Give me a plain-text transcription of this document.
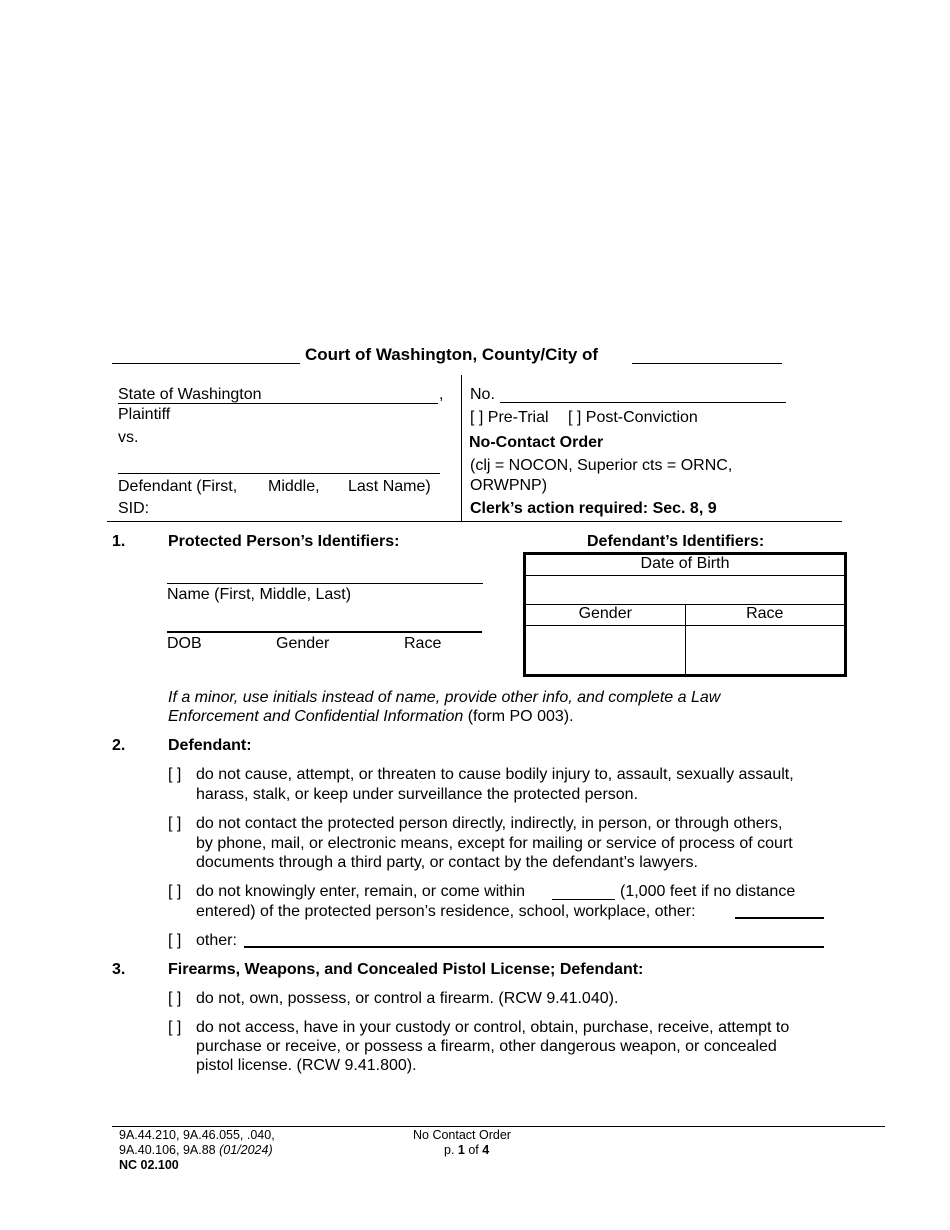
Court of Washington, County/City of
State of Washington	,
Plaintiff
vs.
Defendant (First, Middle, Last Name)
SID:
No.
[ ] Pre-Trial [ ] Post-Conviction
No-Contact Order
(clj = NOCON, Superior cts = ORNC,
ORWPNP)
Clerk’s action required: Sec. 8, 9
1.	Protected Person’s Identifiers:
Name (First, Middle, Last)
DOB	Gender	Race
Defendant’s Identifiers:
Date of Birth	

Gender	Race

If a minor, use initials instead of name, provide other info, and complete a Law
Enforcement and Confidential Information (form PO 003).
2.	Defendant:
[ ] do not cause, attempt, or threaten to cause bodily injury to, assault, sexually assault,
harass, stalk, or keep under surveillance the protected person.
[ ] do not contact the protected person directly, indirectly, in person, or through others,
by phone, mail, or electronic means, except for mailing or service of process of court
documents through a third party, or contact by the defendant’s lawyers.
[ ] do not knowingly enter, remain, or come within	(1,000 feet if no distance
entered) of the protected person’s residence, school, workplace, other:
[ ] other:
3.	Firearms, Weapons, and Concealed Pistol License; Defendant:
[ ] do not, own, possess, or control a firearm. (RCW 9.41.040).
[ ] do not access, have in your custody or control, obtain, purchase, receive, attempt to
purchase or receive, or possess a firearm, other dangerous weapon, or concealed
pistol license. (RCW 9.41.800).
9A.44.210, 9A.46.055, .040,
9A.40.106, 9A.88 (01/2024)
NC 02.100
No Contact Order
p. 1 of 4
